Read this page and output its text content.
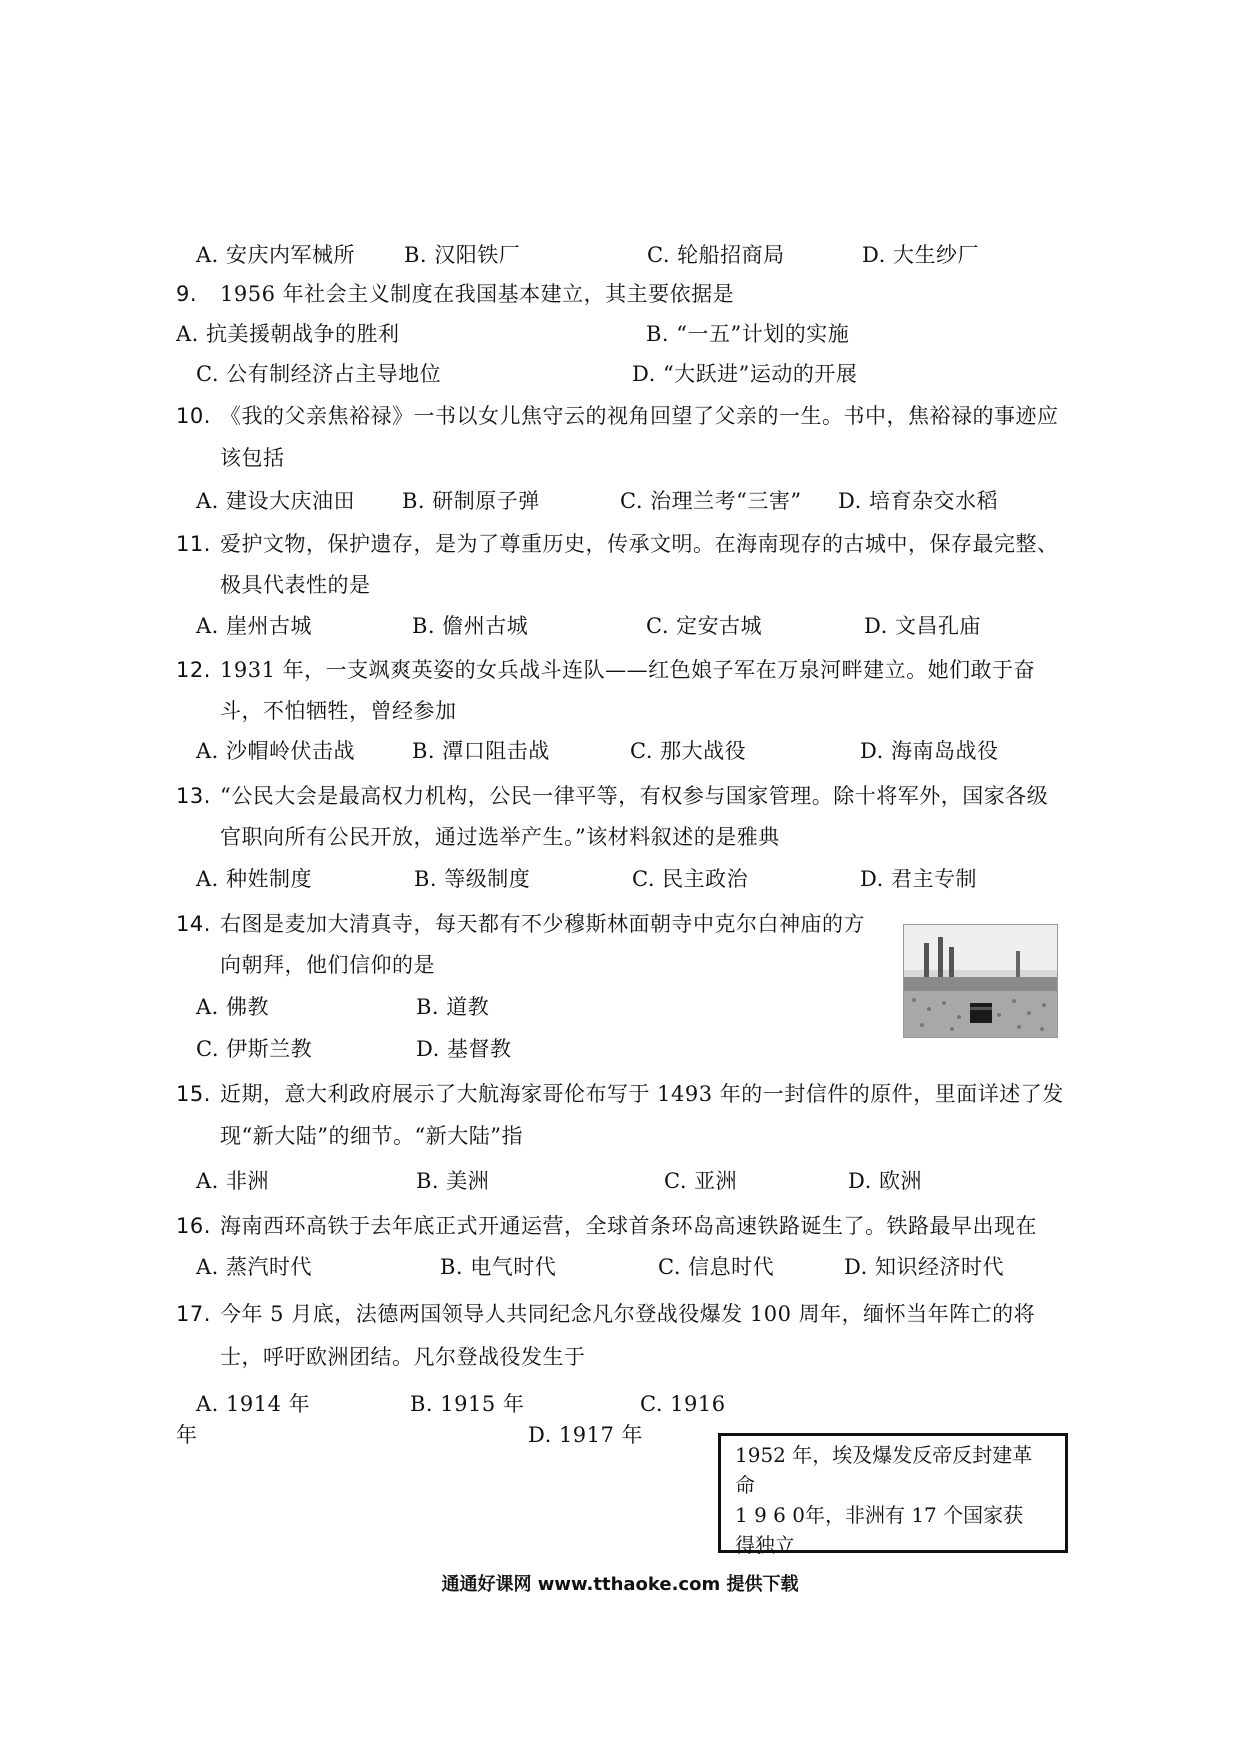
A. 安庆内军械所 B. 汉阳铁厂	C. 轮船招商局	D. 大生纱厂
9. 1956 年社会主义制度在我国基本建立，其主要依据是
A. 抗美援朝战争的胜利	B. “一五”计划的实施
C. 公有制经济占主导地位	D. “大跃进”运动的开展
10. 《我的父亲焦裕禄》一书以女儿焦守云的视角回望了父亲的一生。书中，焦裕禄的事迹应
该包括
A. 建设大庆油田 B. 研制原子弹	C. 治理兰考“三害” D. 培育杂交水稻
11. 爱护文物，保护遗存，是为了尊重历史，传承文明。在海南现存的古城中，保存最完整、
极具代表性的是
A. 崖州古城	B. 儋州古城	C. 定安古城	D. 文昌孔庙
12. 1931 年，一支飒爽英姿的女兵战斗连队——红色娘子军在万泉河畔建立。她们敢于奋
斗，不怕牺牲，曾经参加
A. 沙帽岭伏击战	B. 潭口阻击战	C. 那大战役	D. 海南岛战役
13. “公民大会是最高权力机构，公民一律平等，有权参与国家管理。除十将军外，国家各级
官职向所有公民开放，通过选举产生。”该材料叙述的是雅典
A. 种姓制度	B. 等级制度	C. 民主政治	D. 君主专制
14. 右图是麦加大清真寺，每天都有不少穆斯林面朝寺中克尔白神庙的方
向朝拜，他们信仰的是
A. 佛教	B. 道教
C. 伊斯兰教	D. 基督教
15. 近期，意大利政府展示了大航海家哥伦布写于 1493 年的一封信件的原件，里面详述了发
现“新大陆”的细节。“新大陆”指
A. 非洲	B. 美洲	C. 亚洲	D. 欧洲
16. 海南西环高铁于去年底正式开通运营，全球首条环岛高速铁路诞生了。铁路最早出现在
A. 蒸汽时代	B. 电气时代	C. 信息时代	D. 知识经济时代
17. 今年 5 月底，法德两国领导人共同纪念凡尔登战役爆发 100 周年，缅怀当年阵亡的将
士，呼吁欧洲团结。凡尔登战役发生于
A. 1914 年	B. 1915 年	C. 1916
年	D. 1917 年
1952 年，埃及爆发反帝反封建革
命
1 9 6 0年，非洲有 17 个国家获
得独立
通通好课网 www.tthaoke.com 提供下载
